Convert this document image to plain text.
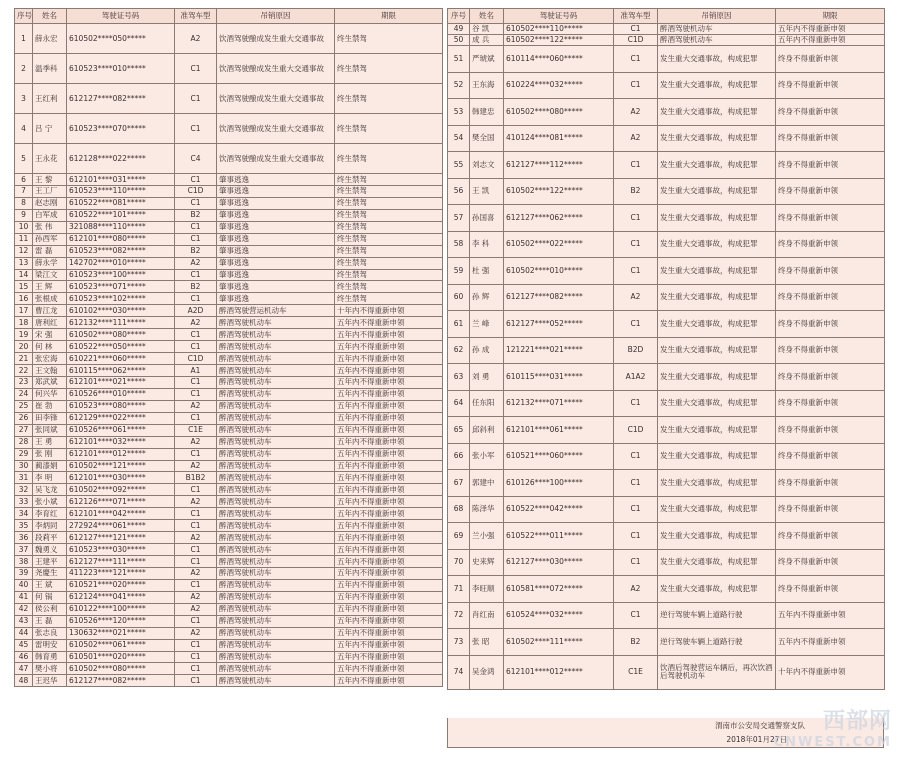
序号	姓名	驾驶证号码	准驾车型	吊销原因	期限
1	薛永宏	610502****050*****	A2	饮酒驾驶酿成发生重大交通事故	终生禁驾
2	温季科	610523****010*****	C1	饮酒驾驶酿成发生重大交通事故	终生禁驾
3	王红利	612127****082*****	C1	饮酒驾驶酿成发生重大交通事故	终生禁驾
4	吕 宁	610523****070*****	C1	饮酒驾驶酿成发生重大交通事故	终生禁驾
5	王永花	612128****022*****	C4	饮酒驾驶酿成发生重大交通事故	终生禁驾
6	王 黎	612101****031*****	C1	肇事逃逸	终生禁驾
7	王工厂	610523****110*****	C1D	肇事逃逸	终生禁驾
8	赵志刚	610522****081*****	C1	肇事逃逸	终生禁驾
9	白军成	610522****101*****	B2	肇事逃逸	终生禁驾
10	张 伟	321088****110*****	C1	肇事逃逸	终生禁驾
11	孙西军	612101****080*****	C1	肇事逃逸	终生禁驾
12	雷 磊	610523****082*****	B2	肇事逃逸	终生禁驾
13	薛永学	142702****010*****	A2	肇事逃逸	终生禁驾
14	梁江文	610523****100*****	C1	肇事逃逸	终生禁驾
15	王 辉	610523****071*****	B2	肇事逃逸	终生禁驾
16	张根成	610523****102*****	C1	肇事逃逸	终生禁驾
17	曹江龙	610102****030*****	A2D	醉酒驾驶营运机动车	十年内不得重新申领
18	唐利红	612132****111*****	A2	醉酒驾驶机动车	五年内不得重新申领
19	宋 强	610502****080*****	C1	醉酒驾驶机动车	五年内不得重新申领
20	何 林	610522****050*****	C1	醉酒驾驶机动车	五年内不得重新申领
21	张宏海	610221****060*****	C1D	醉酒驾驶机动车	五年内不得重新申领
22	王文翰	610115****062*****	A1	醉酒驾驶机动车	五年内不得重新申领
23	郑武斌	612101****021*****	C1	醉酒驾驶机动车	五年内不得重新申领
24	何兴华	610526****010*****	C1	醉酒驾驶机动车	五年内不得重新申领
25	崔 勃	610523****080*****	A2	醉酒驾驶机动车	五年内不得重新申领
26	田李锋	612129****022*****	C1	醉酒驾驶机动车	五年内不得重新申领
27	张同斌	610526****061*****	C1E	醉酒驾驶机动车	五年内不得重新申领
28	王 勇	612101****032*****	A2	醉酒驾驶机动车	五年内不得重新申领
29	张 刚	612101****012*****	C1	醉酒驾驶机动车	五年内不得重新申领
30	蔺漆娟	610502****121*****	A2	醉酒驾驶机动车	五年内不得重新申领
31	李 明	612101****030*****	B1B2	醉酒驾驶机动车	五年内不得重新申领
32	吴飞龙	610502****092*****	C1	醉酒驾驶机动车	五年内不得重新申领
33	张小斌	612126****071*****	A2	醉酒驾驶机动车	五年内不得重新申领
34	李育红	612101****042*****	C1	醉酒驾驶机动车	五年内不得重新申领
35	李炳同	272924****061*****	C1	醉酒驾驶机动车	五年内不得重新申领
36	段莉平	612127****121*****	A2	醉酒驾驶机动车	五年内不得重新申领
37	魏勇义	610523****030*****	C1	醉酒驾驶机动车	五年内不得重新申领
38	王建平	612127****111*****	C1	醉酒驾驶机动车	五年内不得重新申领
39	尧慶生	411223****121*****	A2	醉酒驾驶机动车	五年内不得重新申领
40	王 斌	610521****020*****	C1	醉酒驾驶机动车	五年内不得重新申领
41	何 锅	612124****041*****	A2	醉酒驾驶机动车	五年内不得重新申领
42	侯公利	610122****100*****	A2	醉酒驾驶机动车	五年内不得重新申领
43	王 磊	610526****120*****	C1	醉酒驾驶机动车	五年内不得重新申领
44	张志良	130632****021*****	A2	醉酒驾驶机动车	五年内不得重新申领
45	雷明安	610502****061*****	C1	醉酒驾驶机动车	五年内不得重新申领
46	韩育勇	610501****020*****	C1	醉酒驾驶机动车	五年内不得重新申领
47	樊小将	610502****080*****	C1	醉酒驾驶机动车	五年内不得重新申领
48	王迟华	612127****082*****	C1	醉酒驾驶机动车	五年内不得重新申领
序号	姓名	驾驶证号码	准驾车型	吊销原因	期限
49	谷 凯	610502****110*****	C1	醉酒驾驶机动车	五年内不得重新申领
50	成 兵	610502****122*****	C1D	醉酒驾驶机动车	五年内不得重新申领
51	严琥斌	610114****060*****	C1	发生重大交通事故，构成犯罪	终身不得重新申领
52	王东海	610224****032*****	C1	发生重大交通事故，构成犯罪	终身不得重新申领
53	韩建忠	610502****080*****	A2	发生重大交通事故，构成犯罪	终身不得重新申领
54	樊全国	410124****081*****	A2	发生重大交通事故，构成犯罪	终身不得重新申领
55	刘志文	612127****112*****	C1	发生重大交通事故，构成犯罪	终身不得重新申领
56	王 凯	610502****122*****	B2	发生重大交通事故，构成犯罪	终身不得重新申领
57	孙国喜	612127****062*****	C1	发生重大交通事故，构成犯罪	终身不得重新申领
58	李 科	610502****022*****	C1	发生重大交通事故，构成犯罪	终身不得重新申领
59	杜 强	610502****010*****	C1	发生重大交通事故，构成犯罪	终身不得重新申领
60	孙 辉	612127****082*****	A2	发生重大交通事故，构成犯罪	终身不得重新申领
61	兰 峰	612127****052*****	C1	发生重大交通事故，构成犯罪	终身不得重新申领
62	孙 成	121221****021*****	B2D	发生重大交通事故，构成犯罪	终身不得重新申领
63	刘 勇	610115****031*****	A1A2	发生重大交通事故，构成犯罪	终身不得重新申领
64	任东阳	612132****071*****	C1	发生重大交通事故，构成犯罪	终身不得重新申领
65	邱斜利	612101****061*****	C1D	发生重大交通事故，构成犯罪	终身不得重新申领
66	张小军	610521****060*****	C1	发生重大交通事故，构成犯罪	终身不得重新申领
67	郭建中	610126****100*****	C1	发生重大交通事故，构成犯罪	终身不得重新申领
68	陈泽华	610522****042*****	C1	发生重大交通事故，构成犯罪	终身不得重新申领
69	兰小强	610522****011*****	C1	发生重大交通事故，构成犯罪	终身不得重新申领
70	史来辉	612127****030*****	C1	发生重大交通事故，构成犯罪	终身不得重新申领
71	李旺顺	610581****072*****	A2	发生重大交通事故，构成犯罪	终身不得重新申领
72	肖红南	610524****032*****	C1	逆行驾驶车辆上道路行驶	五年内不得重新申领
73	张 昭	610502****111*****	B2	逆行驾驶车辆上道路行驶	五年内不得重新申领
74	吴金鸿	612101****012*****	C1E	饮酒后驾驶营运车辆后，再次饮酒后驾驶机动车	十年内不得重新申领
渭南市公安局交通警察支队
2018年01月27日
西部网
CNWEST.COM
